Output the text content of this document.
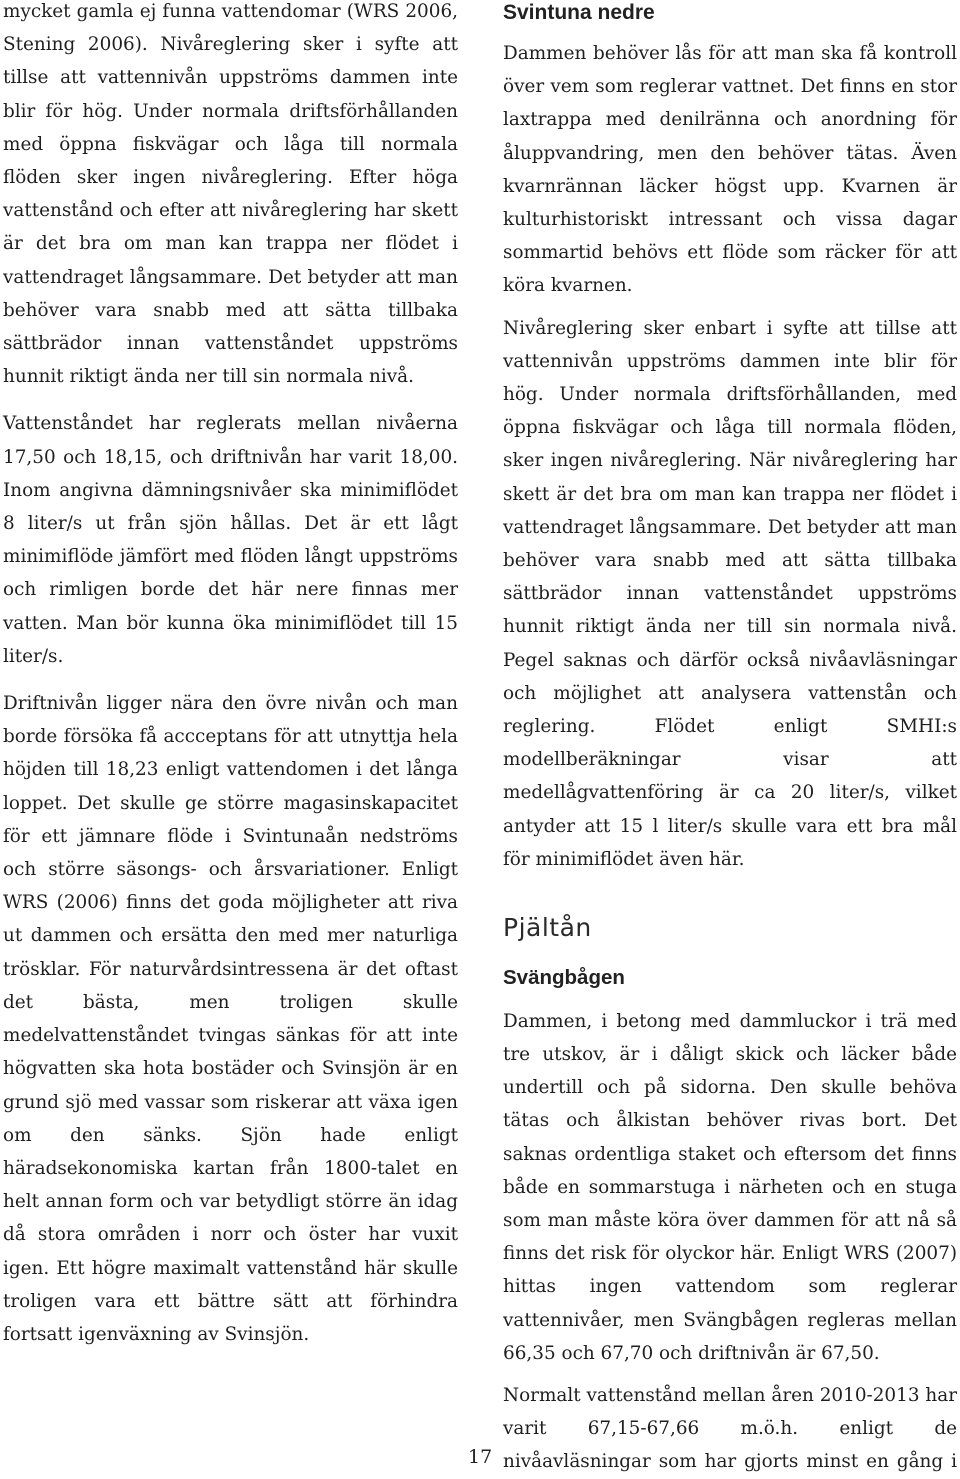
mycket gamla ej funna vattendomar (WRS 2006, Stening 2006). Nivåreglering sker i syfte att tillse att vattennivån uppströms dammen inte blir för hög. Under normala driftsförhållanden med öppna fiskvägar och låga till normala flöden sker ingen nivåreglering. Efter höga vattenstånd och efter att nivåreglering har skett är det bra om man kan trappa ner flödet i vattendraget långsammare. Det betyder att man behöver vara snabb med att sätta tillbaka sättbrädor innan vattenståndet uppströms hunnit riktigt ända ner till sin normala nivå.

Vattenståndet har reglerats mellan nivåerna 17,50 och 18,15, och driftnivån har varit 18,00. Inom angivna dämningsnivåer ska minimiflödet 8 liter/s ut från sjön hållas. Det är ett lågt minimiflöde jämfört med flöden långt uppströms och rimligen borde det här nere finnas mer vatten. Man bör kunna öka minimiflödet till 15 liter/s.

Driftnivån ligger nära den övre nivån och man borde försöka få accceptans för att utnyttja hela höjden till 18,23 enligt vattendomen i det långa loppet. Det skulle ge större magasinskapacitet för ett jämnare flöde i Svintunaån nedströms och större säsongs- och årsvariationer. Enligt WRS (2006) finns det goda möjligheter att riva ut dammen och ersätta den med mer naturliga trösklar. För naturvårdsintressena är det oftast det bästa, men troligen skulle medelvattenståndet tvingas sänkas för att inte högvatten ska hota bostäder och Svinsjön är en grund sjö med vassar som riskerar att växa igen om den sänks. Sjön hade enligt häradsekonomiska kartan från 1800-talet en helt annan form och var betydligt större än idag då stora områden i norr och öster har vuxit igen. Ett högre maximalt vattenstånd här skulle troligen vara ett bättre sätt att förhindra fortsatt igenväxning av Svinsjön.

Svintuna nedre

Dammen behöver lås för att man ska få kontroll över vem som reglerar vattnet. Det finns en stor laxtrappa med denilränna och anordning för åluppvandring, men den behöver tätas. Även kvarnrännan läcker högst upp. Kvarnen är kulturhistoriskt intressant och vissa dagar sommartid behövs ett flöde som räcker för att köra kvarnen.

Nivåreglering sker enbart i syfte att tillse att vattennivån uppströms dammen inte blir för hög. Under normala driftsförhållanden, med öppna fiskvägar och låga till normala flöden, sker ingen nivåreglering. När nivåreglering har skett är det bra om man kan trappa ner flödet i vattendraget långsammare. Det betyder att man behöver vara snabb med att sätta tillbaka sättbrädor innan vattenståndet uppströms hunnit riktigt ända ner till sin normala nivå. Pegel saknas och därför också nivåavläsningar och möjlighet att analysera vattenstån och reglering. Flödet enligt SMHI:s modellberäkningar visar att medellågvattenföring är ca 20 liter/s, vilket antyder att 15 l liter/s skulle vara ett bra mål för minimiflödet även här.

Pjältån
Svängbågen

Dammen, i betong med dammluckor i trä med tre utskov, är i dåligt skick och läcker både undertill och på sidorna. Den skulle behöva tätas och ålkistan behöver rivas bort. Det saknas ordentliga staket och eftersom det finns både en sommarstuga i närheten och en stuga som man måste köra över dammen för att nå så finns det risk för olyckor här. Enligt WRS (2007) hittas ingen vattendom som reglerar vattennivåer, men Svängbågen regleras mellan 66,35 och 67,70 och driftnivån är 67,50.

Normalt vattenstånd mellan åren 2010-2013 har varit 67,15-67,66 m.ö.h. enligt de nivåavläsningar som har gjorts minst en gång i

17
